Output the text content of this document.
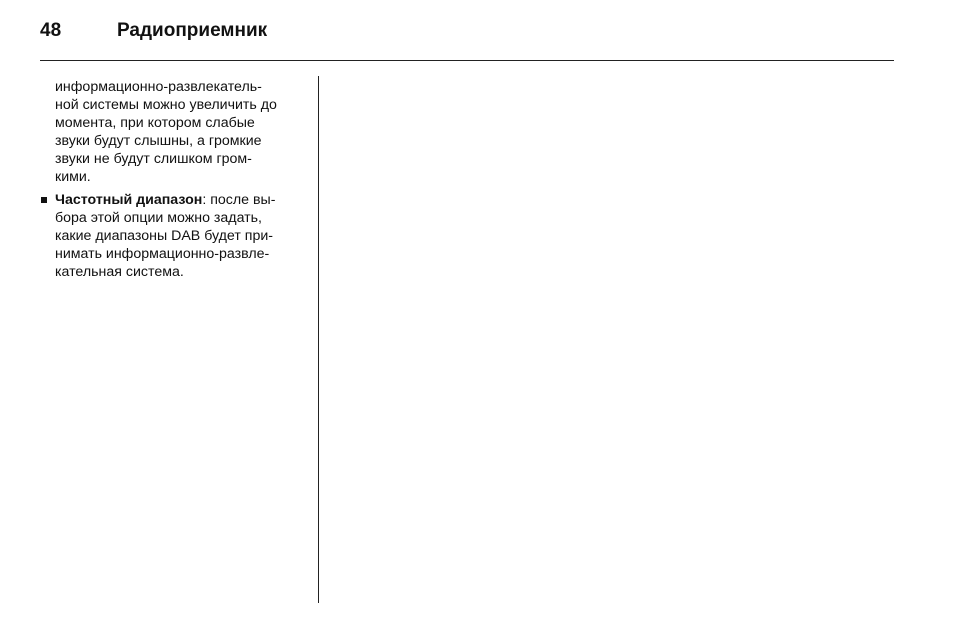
48	Радиоприемник
информационно-развлекатель-
ной системы можно увеличить до
момента, при котором слабые
звуки будут слышны, а громкие
звуки не будут слишком гром-
кими.
Частотный диапазон: после вы-
бора этой опции можно задать,
какие диапазоны DAB будет при-
нимать информационно-развле-
кательная система.
